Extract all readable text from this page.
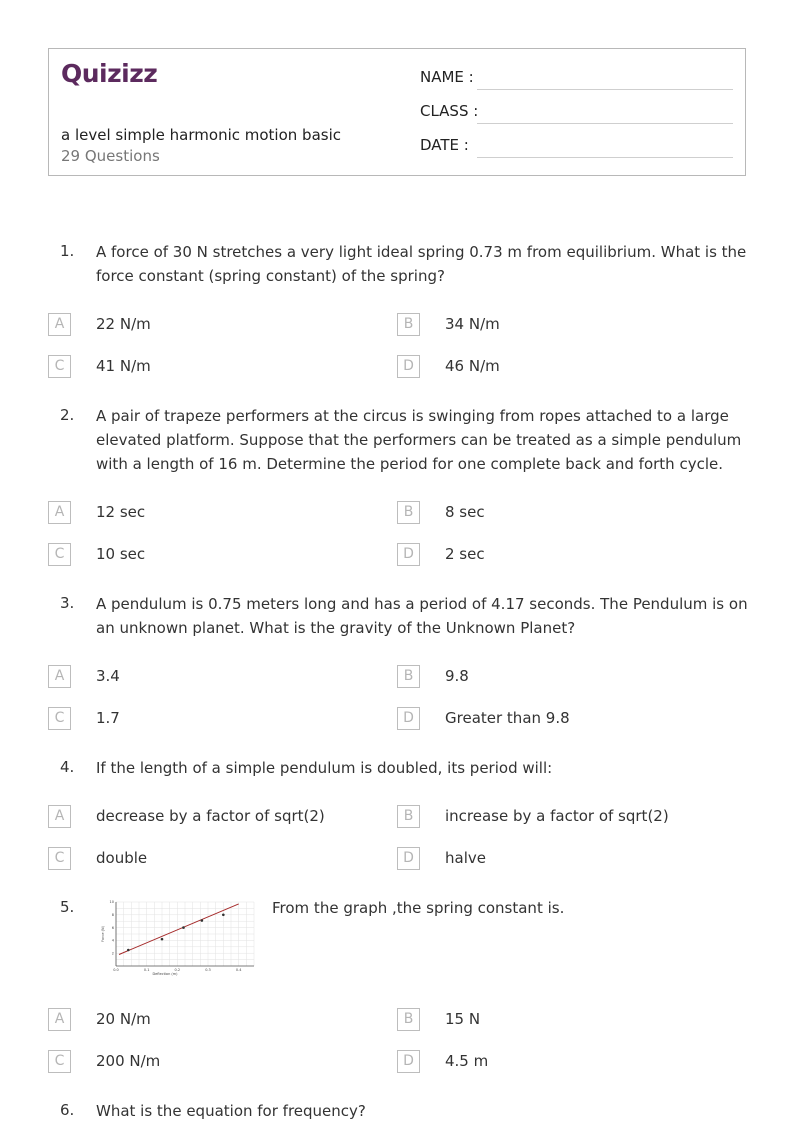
Quizizz
a level simple harmonic motion basic
29 Questions
NAME :
CLASS :
DATE :
1. A force of 30 N stretches a very light ideal spring 0.73 m from equilibrium. What is the force constant (spring constant) of the spring?
A	22 N/m	B	34 N/m
C	41 N/m	D	46 N/m
2. A pair of trapeze performers at the circus is swinging from ropes attached to a large elevated platform. Suppose that the performers can be treated as a simple pendulum with a length of 16 m. Determine the period for one complete back and forth cycle.
A	12 sec	B	8 sec
C	10 sec	D	2 sec
3. A pendulum is 0.75 meters long and has a period of 4.17 seconds. The Pendulum is on an unknown planet. What is the gravity of the Unknown Planet?
A	3.4	B	9.8
C	1.7	D	Greater than 9.8
4. If the length of a simple pendulum is doubled, its period will:
A	decrease by a factor of sqrt(2)	B	increase by a factor of sqrt(2)
C	double	D	halve
5.
0.0	0.1	0.2	0.3	0.4
2
4
6
8
10
Deflection (m)
Force (N)
From the graph ,the spring constant is.
A	20 N/m	B	15 N
C	200 N/m	D	4.5 m
6. What is the equation for frequency?
